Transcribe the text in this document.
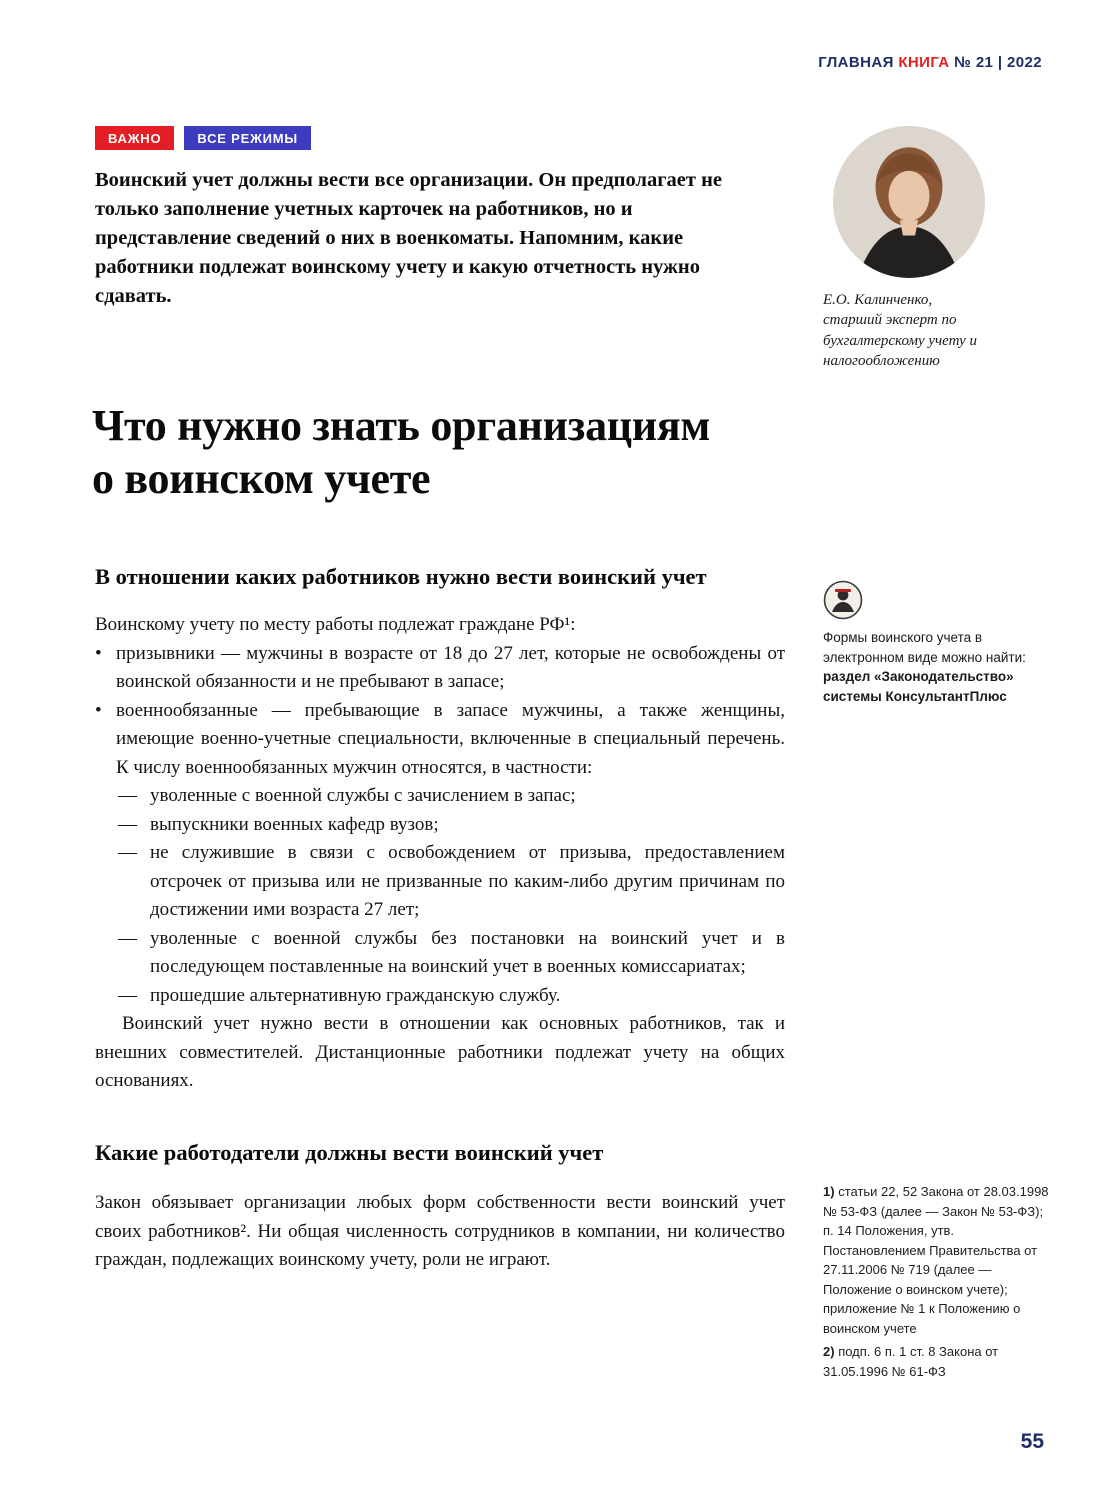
ГЛАВНАЯ КНИГА № 21 | 2022
ВАЖНО	ВСЕ РЕЖИМЫ
Воинский учет должны вести все организации. Он предполагает не только заполнение учетных карточек на работников, но и представление сведений о них в военкоматы. Напомним, какие работники подлежат воинскому учету и какую отчетность нужно сдавать.	Е.О. Калинченко,
старший эксперт по бухгалтерскому учету и налогообложению
Что нужно знать организациям
о воинском учете
В отношении каких работников нужно вести воинский учет

Воинскому учету по месту работы подлежат граждане РФ¹:

• призывники — мужчины в возрасте от 18 до 27 лет, которые не освобождены от воинской обязанности и не пребывают в запасе;
• военнообязанные — пребывающие в запасе мужчины, а также женщины, имеющие военно-учетные специальности, включенные в специальный перечень. К числу военнообязанных мужчин относятся, в частности:
— уволенные с военной службы с зачислением в запас;
— выпускники военных кафедр вузов;
— не служившие в связи с освобождением от призыва, предоставлением отсрочек от призыва или не призванные по каким-либо другим причинам по достижении ими возраста 27 лет;
— уволенные с военной службы без постановки на воинский учет и в последующем поставленные на воинский учет в военных комиссариатах;
— прошедшие альтернативную гражданскую службу.

Воинский учет нужно вести в отношении как основных работников, так и внешних совместителей. Дистанционные работники подлежат учету на общих основаниях.

Какие работодатели должны вести воинский учет

Закон обязывает организации любых форм собственности вести воинский учет своих работников². Ни общая численность сотрудников в компании, ни количество граждан, подлежащих воинскому учету, роли не играют.

Формы воинского учета в электронном виде можно найти:
раздел «Законодательство» системы КонсультантПлюс

1) статьи 22, 52 Закона от 28.03.1998 № 53-ФЗ (далее — Закон № 53-ФЗ); п. 14 Положения, утв. Постановлением Правительства от 27.11.2006 № 719 (далее — Положение о воинском учете); приложение № 1 к Положению о воинском учете

2) подп. 6 п. 1 ст. 8 Закона от 31.05.1996 № 61-ФЗ

55
